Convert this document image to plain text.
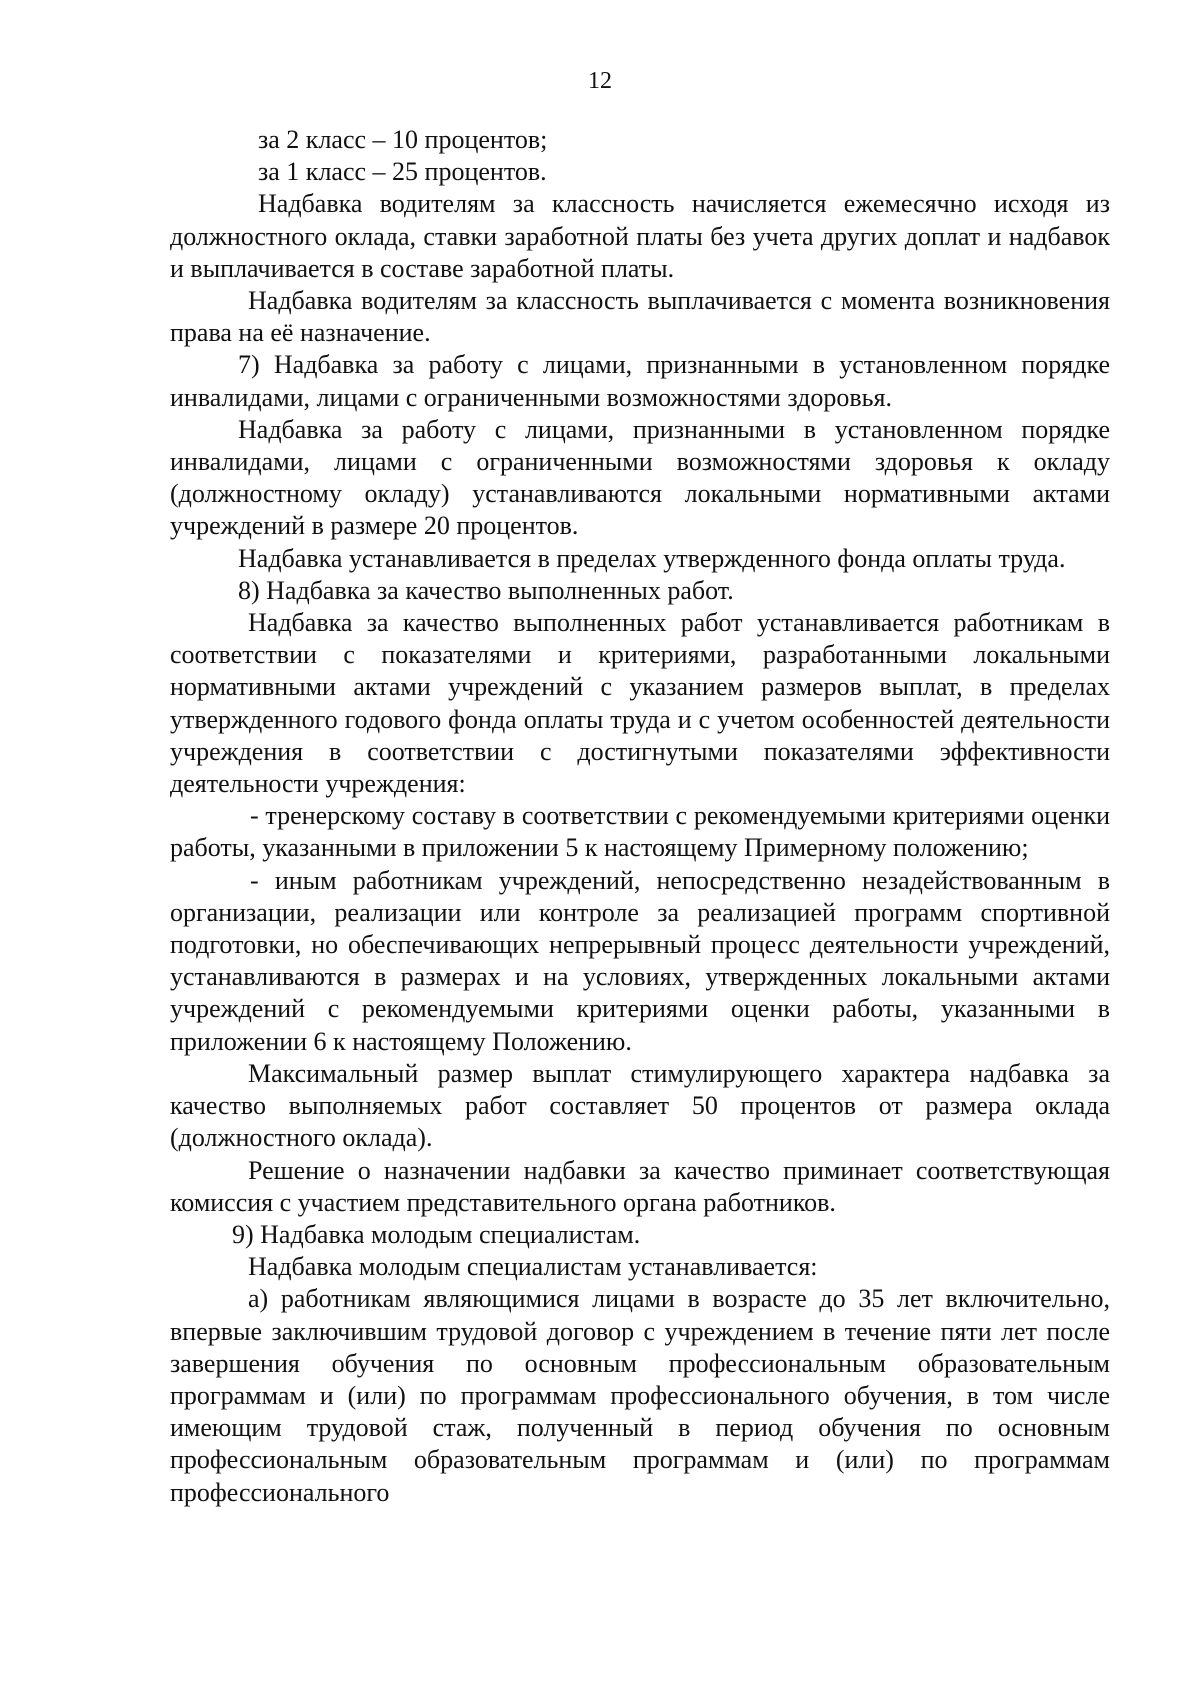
12

за 2 класс – 10 процентов;

за 1 класс – 25 процентов.

Надбавка водителям за классность начисляется ежемесячно исходя из должностного оклада, ставки заработной платы без учета других доплат и надбавок и выплачивается в составе заработной платы.

Надбавка водителям за классность выплачивается с момента возникновения права на её назначение.

7) Надбавка за работу с лицами, признанными в установленном порядке инвалидами, лицами с ограниченными возможностями здоровья.

Надбавка за работу с лицами, признанными в установленном порядке инвалидами, лицами с ограниченными возможностями здоровья к окладу (должностному окладу) устанавливаются локальными нормативными актами учреждений в размере 20 процентов.

Надбавка устанавливается в пределах утвержденного фонда оплаты труда.

8) Надбавка за качество выполненных работ.

Надбавка за качество выполненных работ устанавливается работникам в соответствии с показателями и критериями, разработанными локальными нормативными актами учреждений с указанием размеров выплат, в пределах утвержденного годового фонда оплаты труда и с учетом особенностей деятельности учреждения в соответствии с достигнутыми показателями эффективности деятельности учреждения:

- тренерскому составу в соответствии с рекомендуемыми критериями оценки работы, указанными в приложении 5 к настоящему Примерному положению;

- иным работникам учреждений, непосредственно незадействованным в организации, реализации или контроле за реализацией программ спортивной подготовки, но обеспечивающих непрерывный процесс деятельности учреждений, устанавливаются в размерах и на условиях, утвержденных локальными актами учреждений с рекомендуемыми критериями оценки работы, указанными в приложении 6 к настоящему Положению.

Максимальный размер выплат стимулирующего характера надбавка за качество выполняемых работ составляет 50 процентов от размера оклада (должностного оклада).

Решение о назначении надбавки за качество приминает соответствующая комиссия с участием представительного органа работников.

9) Надбавка молодым специалистам.

Надбавка молодым специалистам устанавливается:

а) работникам являющимися лицами в возрасте до 35 лет включительно, впервые заключившим трудовой договор с учреждением в течение пяти лет после завершения обучения по основным профессиональным образовательным программам и (или) по программам профессионального обучения, в том числе имеющим трудовой стаж, полученный в период обучения по основным профессиональным образовательным программам и (или) по программам профессионального
